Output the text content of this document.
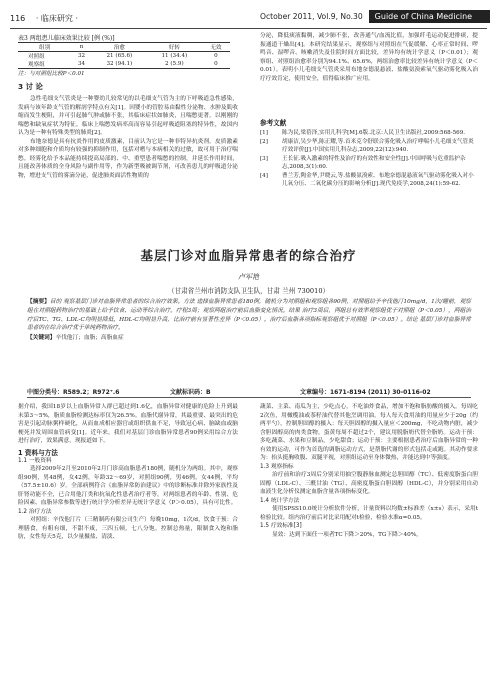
116 · 临床研究 ·	October 2011, Vol.9, No.30	Guide of China Medicine
表3 两组患儿临床效果比较 [例 (%)]
组别	n	治愈	好转	无效
对照组	32	21 (65.6)	11 (34.4)	0
观察组	34	32 (94.1)	2 (5.9)	0
注：与对照组比较P＜0.01
3 讨 论
急性毛细支气管炎是一种婴幼儿较常见的以毛细支气管为主的下呼吸道急性感染，发病与该年龄支气管的解剖学特点有关[1]。因婴小的管腔易由黏性分泌物、水肿及肌收缩而发生梗阻，并可引起肺气肿或肺不张，其临床症状如肺炎，且喘憋更著，以刚刚的喘憋和缺氧症状为特征。临床上喘憋发病率高而容易引起呼吸道阻塞的特异性，故国内认为是一种有特殊类型的肺炎[2]。
布地奈德是具有抗炎作用的皮质激素，目前认为它是一种非特异抗炎剂。皮质激素对多种细胞和介质均有较强的抑制作用，包括对嗜与本病相关的过敏，故可用于治疗喘憋。经雾化给予本品能持续提高局部的、中、重型患者喘憋的控制，并延长作用时间，且能改善体质的全身风险与副作用等，作为新型吸被调节剂，可改善患儿的呼吸道分泌物，增进支气管的雾滴分泌，促进肺炎面活性物质的
分泌，降低痰液黏稠，减少肺不张，改善通气/血流比值，加强纤毛运动促进排痰，提振通道干燥出[4]。本研究结果显示，观察组与对照组在气促缓解、心率正常时间、啰鸣音、湿啰音、咳嗽消失及住院时间方面比较，差异均有统计学意义（P＜0.01）；观察组、对照组治愈率分别为94.1%、65.6%，两组治愈率比较差异有统计学意义（P＜0.01）。表明小儿毛细支气管炎采用布地奈德混悬液、盐酸氨溴索氧气驱动雾化吸入治疗疗效肯定，使用安全，值得临床推广应用。
参考文献
[1]	陈为民,梁蓓泽,实用儿科学[M].6版.北京:人民卫生出版社,2009:568-569.
[2]	胡康洁,吴少华,陈正耀,等.首米克令舒联合雾化吸入治疗哮喘小儿毛细支气管炎疗效评价[J].中国实用儿科杂志,2009,22(12):940.
[3]	王长征.吸入激素的特性及治疗的有效性和安全性[J].中国呼吸与危重监护杂志,2008,3(1):60.
[4]	曹兰芳,陶金华,尹晓云,等.盐酸氨溴索、布地奈德混悬液氧气驱动雾化吸入对小儿氧分压、二氧化碳分压的影响分析[J].现代免疫学,2008,24(1):59-62.
基层门诊对血脂异常患者的综合治疗
卢军艳
（甘肃省兰州市消防支队卫生队，甘肃 兰州 730010）
【摘要】目的 观察基层门诊对血脂异常患者的综合治疗效果。方法 选择血脂异常患者180例，随机分为对照组和观察组各90例，对照组给予辛伐他汀10mg/d，1次/睡前，观察组在对照组药物治疗的基础上给予饮食、运动等综合治疗。疗程3周；观察两组治疗前后血脂变化情况。结果 治疗3周后，两组总有效率观察组优于对照组（P＜0.05），两组治疗后TC、TG、LDL-C均明显降低，HDL-C均明显升高，比治疗前有显著性差异（P＜0.05）。治疗后血脂各项指标观察组优于对照组（P＜0.05）。结论 基层门诊对血脂异常患者的在综合治疗优于单纯药物治疗。
【关键词】辛伐他汀；血脂；高脂血症
中图分类号：R589.2；R972⁺.6	文献标识码：B	文章编号：1671-8194 (2011) 30-0116-02
据介绍，我国18岁以上血脂异常人群已超过到1.6亿，血脂异常对健康的危险上升到最末第3～5%，脂质血脂检测达标率仅为26.5%。血脂代谢异常，其最重要、最突出的危害是引起动脉粥样硬化，从而血成相应器官或组织供血不足，导致冠心病、脑缺血或脑梗死并发周围血管病变[1]。近年来，我们对基层门诊血脂异常患者90例采用综合方法进行治疗，效果满意，现报道如下。
1 资料与方法
1.1 一般资料
选择2009年2月至2010年2月门诊高血脂患者180例，随机分为两组。其中，观察组90例，男48例，女42例，年龄32～69岁，对照组90例，男46例，女44例，平均（57.5±10.6）岁。全部病例符合《血脂异常防治建议》中的诊断标准并除外家族性及肝肾功能不全，已合用他汀类和抗氧化性患者治疗者等，对两组患者的年龄、性别、危险因素、血脂异常参数等进行统计学分析差异无统计学意义（P＞0.05），具有可比性。
1.2 治疗方法
对照组：辛伐他汀片（三精制药有限公司生产）每晚10mg，1次/d，饮食干预：合理膳食，有粗有细，不甜不咸，三四五顿，七八分饱。控制总热量，限制食入饱和脂肪，女性每天5克，以少量摄盐、清淡、
蔬菜、主菜、南瓜为主，少吃点心，不吃油炸食品，增加不饱和脂肪酸的摄入。每周吃2次鱼，用橄榄油或茶籽油代替其他烹调用油。每人每天食用油的用量应少于20g（约两平勺），控制胆固醇的摄入：每天胆固醇的摄入量应＜200mg，不吃动物内脏，减少含胆固醇高的肉类食物，蛋黄每周不超过2个，建议用脱脂奶代替全脂奶。运动干预：多吃蔬菜、水果和豆制品，少吃甜食；运动干预：主要根据患者治疗后血脂异常的一种有效的运动，可作为首选的调脂运动方式，是帮脂代谢的形式包括走或跑。其动作要求为：抬头挺胸收腹、双腿平视，对照组运动至身体微热，并能达到中等强度。
1.3 观察指标
治疗前和治疗3周后分别采用抽空腹静脉血测定总胆固醇（TC）、低密度脂蛋白胆固醇（LDL-C）、三酰甘油（TG）、高密度脂蛋白胆固醇（HDL-C），并分别采用自动血液生化分析仪测定血脂含量各项指标变化。
1.4 统计学方法
使用SPSS10.0统计分析软件分析，计量资料以均数±标准差（x±s）表示，采用t检验比较。组内治疗前后对比采用配对t检验，检验水准α=0.05。
1.5 疗效标准[3]
显效：达到下面任一项者TC下降＞20%，TG下降＞40%，
